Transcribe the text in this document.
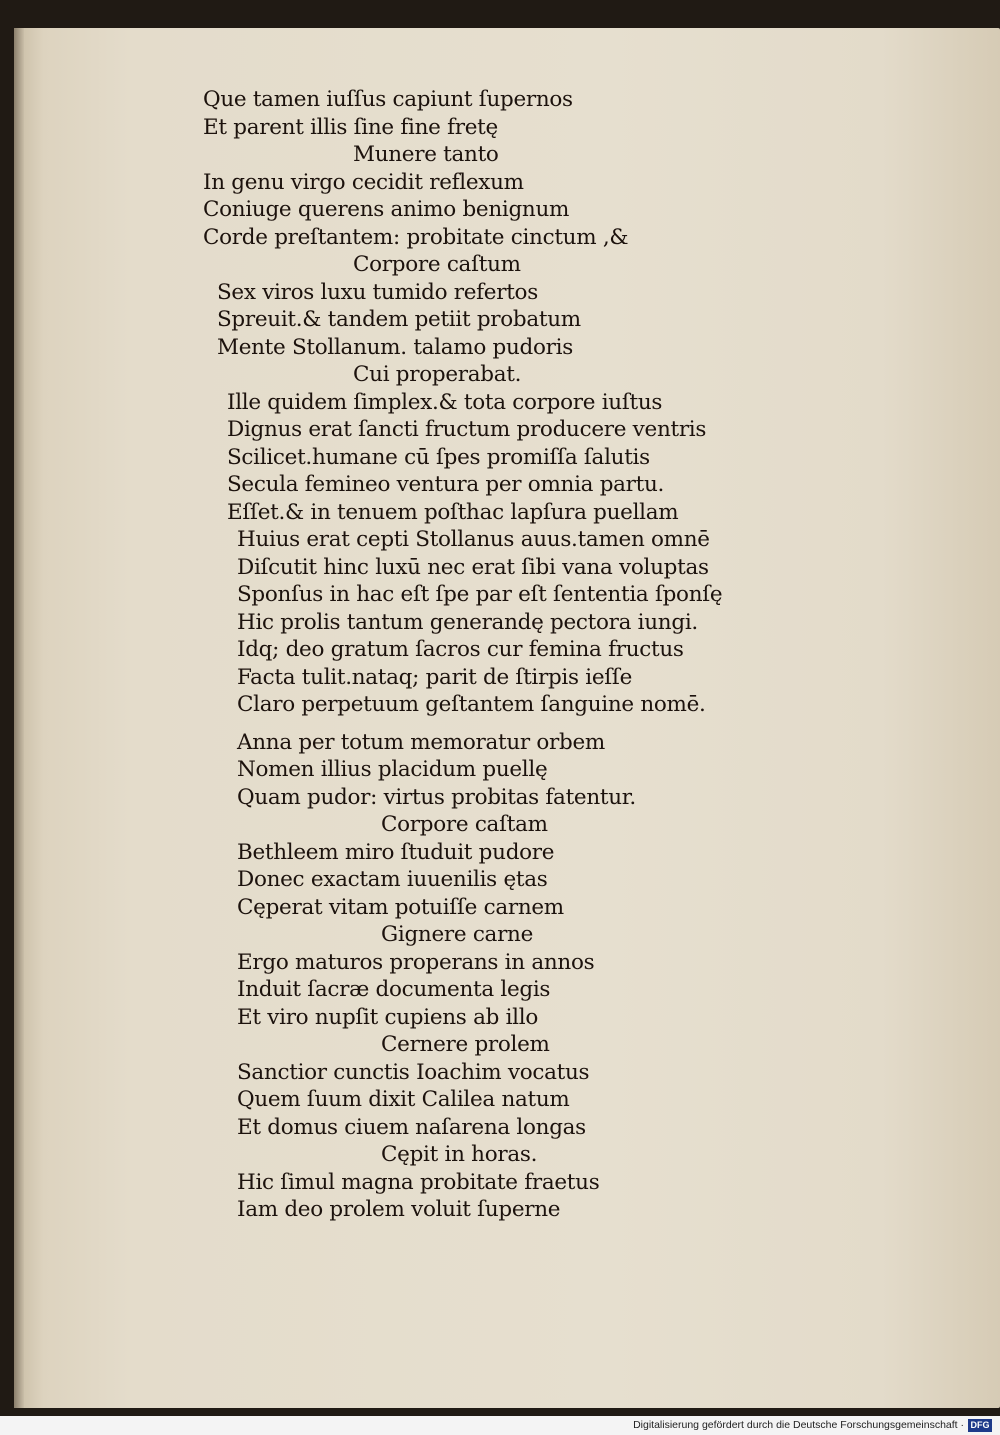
Que tamen iuſſus capiunt ſupernos
Et parent illis ſine fine fretę
Munere tanto
In genu virgo cecidit reflexum
Coniuge querens animo benignum
Corde preſtantem: probitate cinctum ,&
Corpore caſtum
Sex viros luxu tumido refertos
Spreuit.& tandem petiit probatum
Mente Stollanum. talamo pudoris
Cui properabat.
Ille quidem ſimplex.& tota corpore iuſtus
Dignus erat ſancti fructum producere ventris
Scilicet.humane cū ſpes promiſſa ſalutis
Secula femineo ventura per omnia partu.
Eſſet.& in tenuem poſthac lapſura puellam
Huius erat cepti Stollanus auus.tamen omnē
Diſcutit hinc luxū nec erat ſibi vana voluptas
Sponſus in hac eſt ſpe par eſt ſententia ſponſę
Hic prolis tantum generandę pectora iungi.
Idq; deo gratum ſacros cur femina fructus
Facta tulit.nataq; parit de ſtirpis ieſſe
Claro perpetuum geſtantem ſanguine nomē.
Anna per totum memoratur orbem
Nomen illius placidum puellę
Quam pudor: virtus probitas fatentur.
Corpore caſtam
Bethleem miro ſtuduit pudore
Donec exactam iuuenilis ętas
Cęperat vitam potuiſſe carnem
Gignere carne
Ergo maturos properans in annos
Induit ſacræ documenta legis
Et viro nupſit cupiens ab illo
Cernere prolem
Sanctior cunctis Ioachim vocatus
Quem ſuum dixit Calilea natum
Et domus ciuem naſarena longas
Cępit in horas.
Hic ſimul magna probitate fraetus
Iam deo prolem voluit ſuperne
Digitalisierung gefördert durch die Deutsche Forschungsgemeinschaft · DFG
